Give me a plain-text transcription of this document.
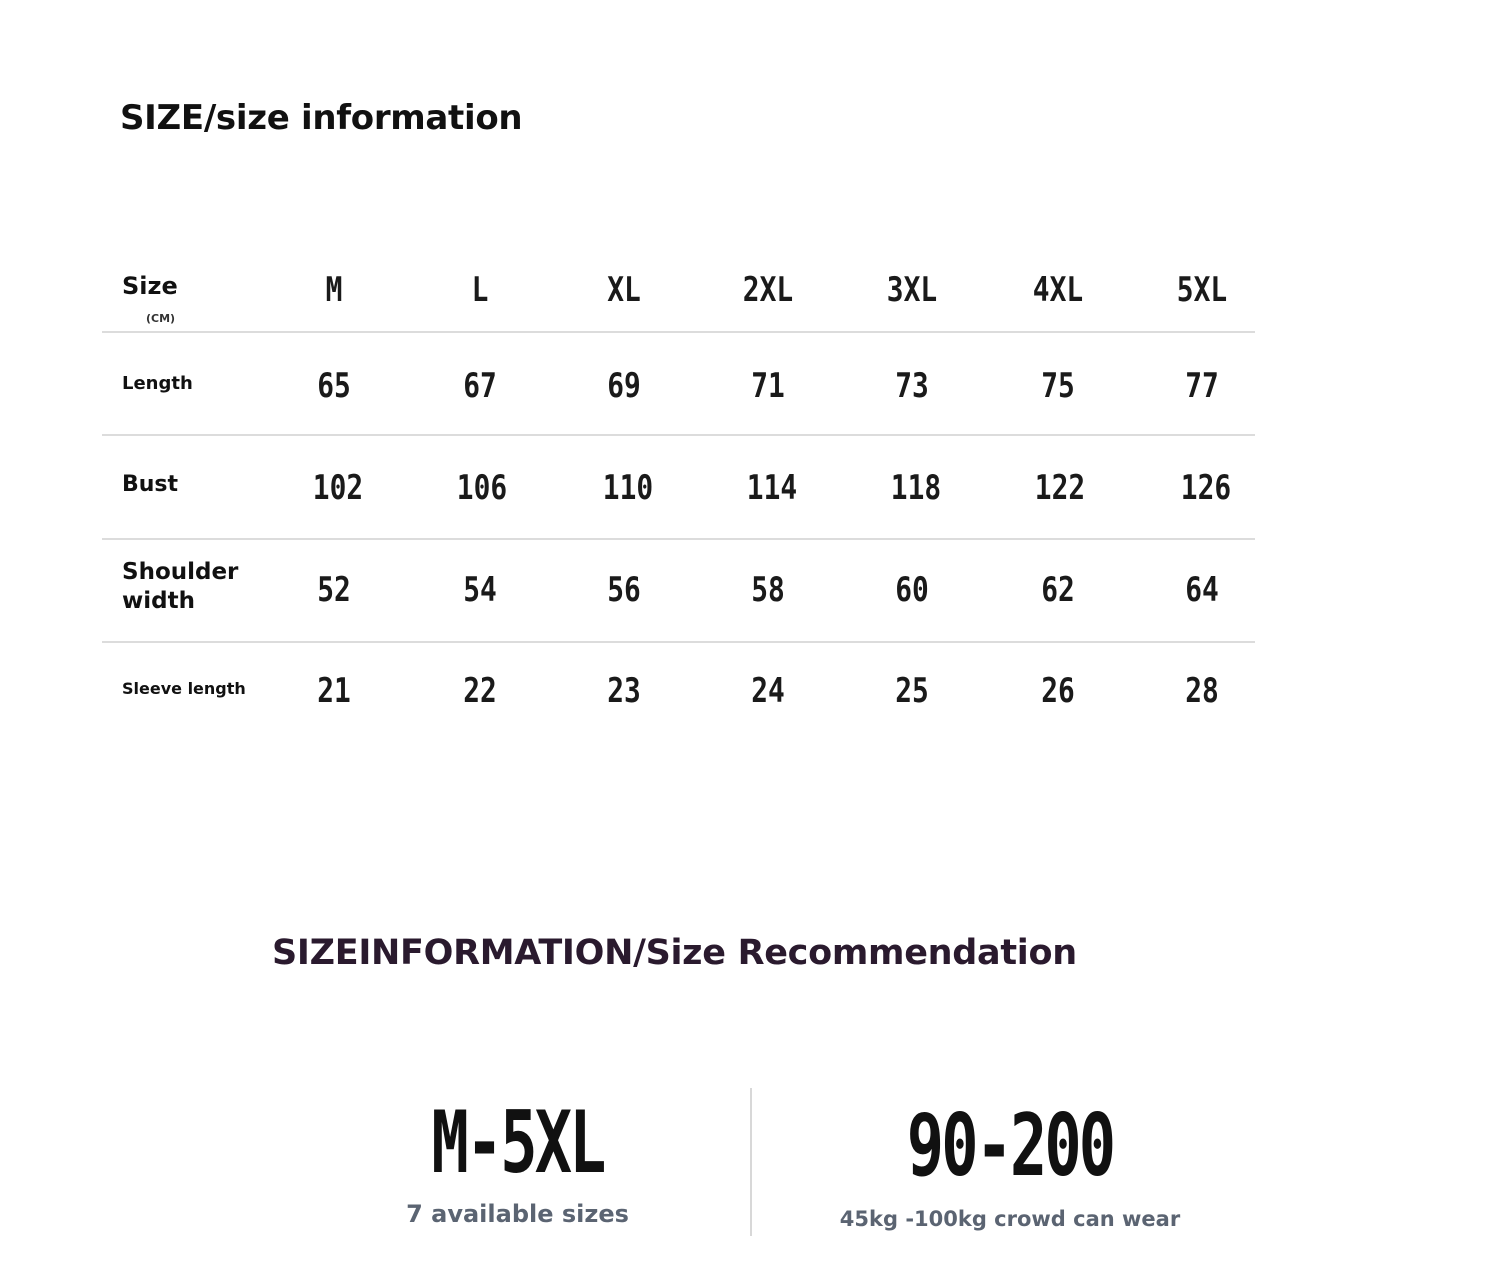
SIZE/size information
Size
(CM)
M	L	XL	2XL	3XL	4XL	5XL
Length	65	67	69	71	73	75	77
Bust	102	106	110	114	118	122	126
Shoulder width	52	54	56	58	60	62	64
Sleeve length	21	22	23	24	25	26	28
SIZEINFORMATION/Size Recommendation
M-5XL
7 available sizes
90-200
45kg -100kg crowd can wear
